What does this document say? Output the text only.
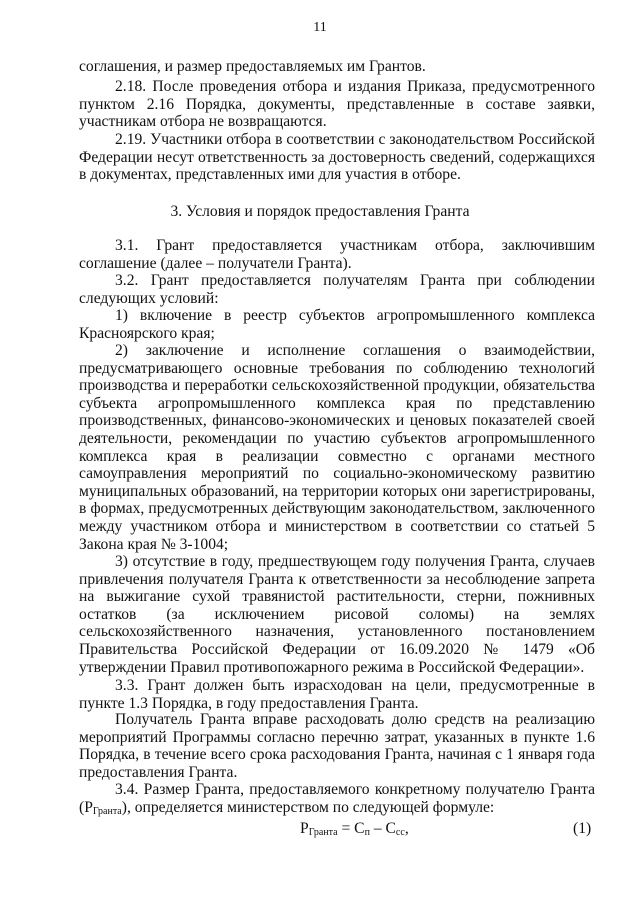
11

соглашения, и размер предоставляемых им Грантов.

2.18. После проведения отбора и издания Приказа, предусмотренного пунктом 2.16 Порядка, документы, представленные в составе заявки, участникам отбора не возвращаются.

2.19. Участники отбора в соответствии с законодательством Российской Федерации несут ответственность за достоверность сведений, содержащихся в документах, представленных ими для участия в отборе.

3. Условия и порядок предоставления Гранта

3.1. Грант предоставляется участникам отбора, заключившим соглашение (далее – получатели Гранта).

3.2. Грант предоставляется получателям Гранта при соблюдении следующих условий:

1) включение в реестр субъектов агропромышленного комплекса Красноярского края;

2) заключение и исполнение соглашения о взаимодействии, предусматривающего основные требования по соблюдению технологий производства и переработки сельскохозяйственной продукции, обязательства субъекта агропромышленного комплекса края по представлению производственных, финансово-экономических и ценовых показателей своей деятельности, рекомендации по участию субъектов агропромышленного комплекса края в реализации совместно с органами местного самоуправления мероприятий по социально-экономическому развитию муниципальных образований, на территории которых они зарегистрированы, в формах, предусмотренных действующим законодательством, заключенного между участником отбора и министерством в соответствии со статьей 5 Закона края № 3-1004;

3) отсутствие в году, предшествующем году получения Гранта, случаев привлечения получателя Гранта к ответственности за несоблюдение запрета на выжигание сухой травянистой растительности, стерни, пожнивных остатков (за исключением рисовой соломы) на землях сельскохозяйственного назначения, установленного постановлением Правительства Российской Федерации от 16.09.2020 № 1479 «Об утверждении Правил противопожарного режима в Российской Федерации».

3.3. Грант должен быть израсходован на цели, предусмотренные в пункте 1.3 Порядка, в году предоставления Гранта.

Получатель Гранта вправе расходовать долю средств на реализацию мероприятий Программы согласно перечню затрат, указанных в пункте 1.6 Порядка, в течение всего срока расходования Гранта, начиная с 1 января года предоставления Гранта.

3.4. Размер Гранта, предоставляемого конкретному получателю Гранта $(Р_{Гранта})$, определяется министерством по следующей формуле:

$Р_{Гранта} = С_п - С_{сс}$,	(1)
